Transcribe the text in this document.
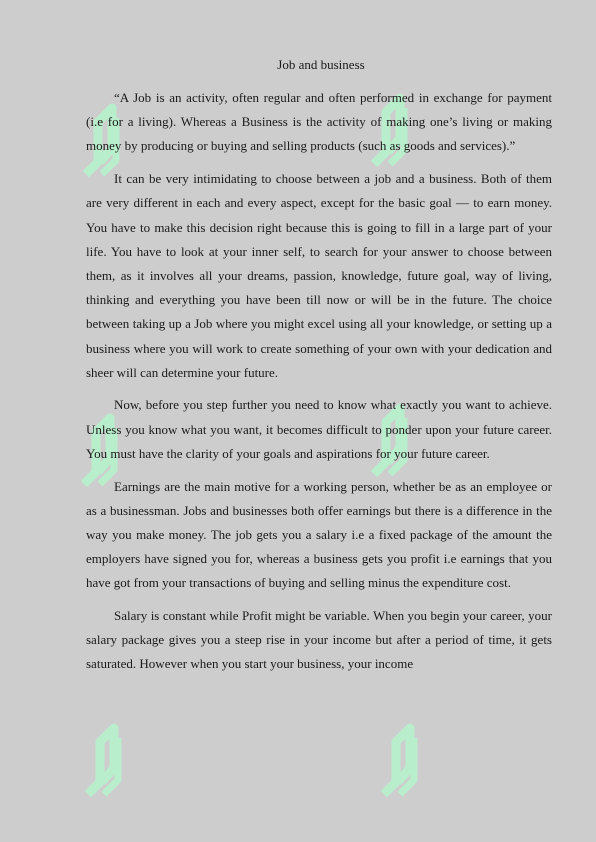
Job and business

“A Job is an activity, often regular and often performed in exchange for payment (i.e for a living). Whereas a Business is the activity of making one’s living or making money by producing or buying and selling products (such as goods and services).”

It can be very intimidating to choose between a job and a business. Both of them are very different in each and every aspect, except for the basic goal — to earn money. You have to make this decision right because this is going to fill in a large part of your life. You have to look at your inner self, to search for your answer to choose between them, as it involves all your dreams, passion, knowledge, future goal, way of living, thinking and everything you have been till now or will be in the future. The choice between taking up a Job where you might excel using all your knowledge, or setting up a business where you will work to create something of your own with your dedication and sheer will can determine your future.

Now, before you step further you need to know what exactly you want to achieve. Unless you know what you want, it becomes difficult to ponder upon your future career. You must have the clarity of your goals and aspirations for your future career.

Earnings are the main motive for a working person, whether be as an employee or as a businessman. Jobs and businesses both offer earnings but there is a difference in the way you make money. The job gets you a salary i.e a fixed package of the amount the employers have signed you for, whereas a business gets you profit i.e earnings that you have got from your transactions of buying and selling minus the expenditure cost.

Salary is constant while Profit might be variable. When you begin your career, your salary package gives you a steep rise in your income but after a period of time, it gets saturated. However when you start your business, your income
